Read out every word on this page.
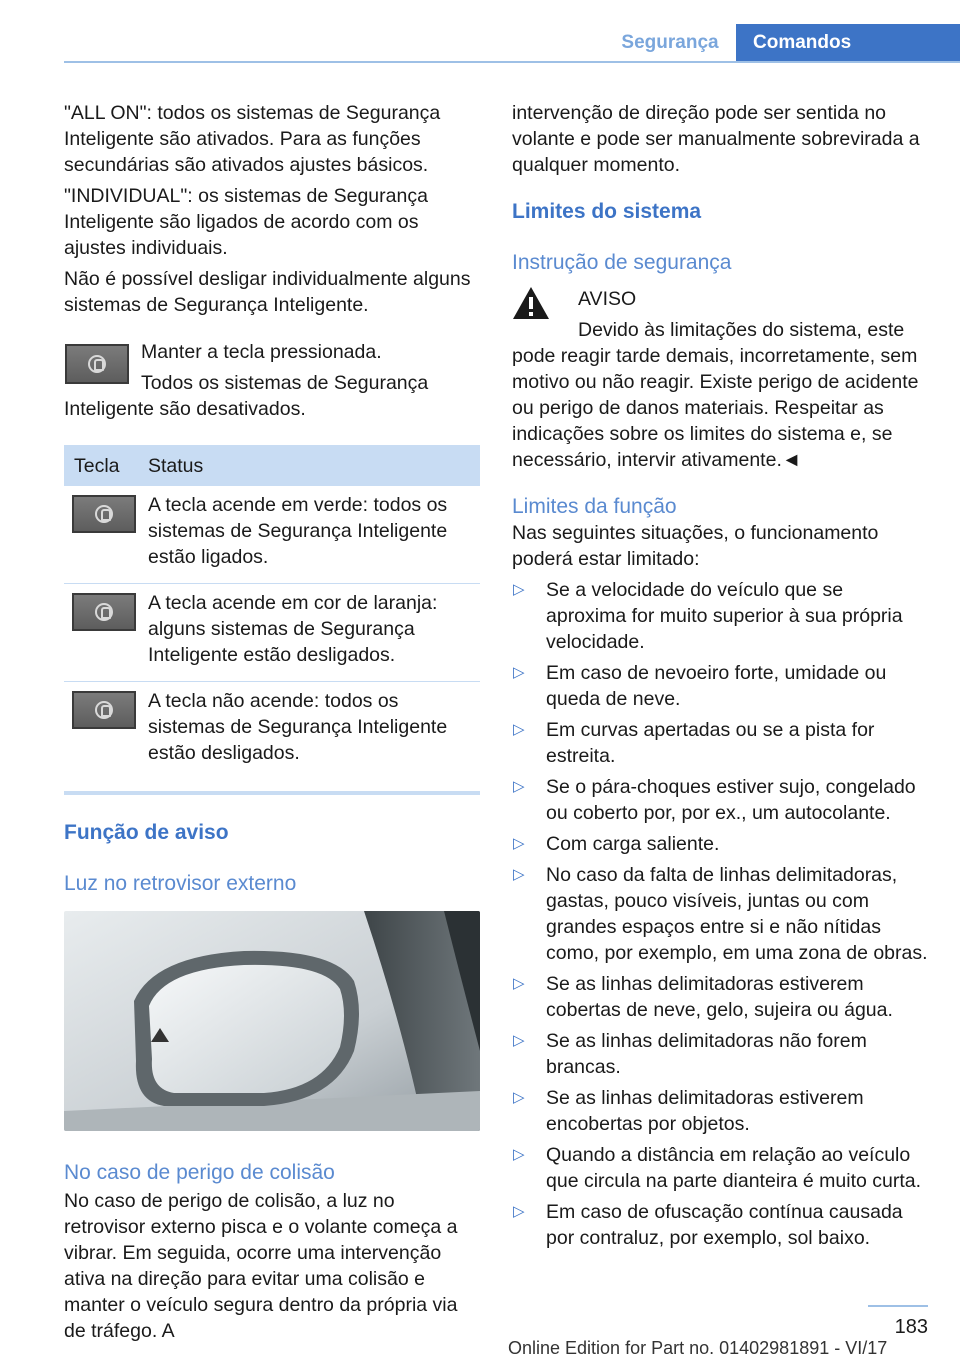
Segurança	Comandos

"ALL ON": todos os sistemas de Segurança Inteligente são ativados. Para as funções secundárias são ativados ajustes básicos.

"INDIVIDUAL": os sistemas de Segurança Inteligente são ligados de acordo com os ajustes individuais.

Não é possível desligar individualmente alguns sistemas de Segurança Inteligente.

Manter a tecla pressionada.

Todos os sistemas de Segurança Inteligente são desativados.

Tecla	Status
A tecla acende em verde: todos os sistemas de Segurança Inteligente estão ligados.
A tecla acende em cor de laranja: alguns sistemas de Segurança Inteligente estão desligados.
A tecla não acende: todos os sistemas de Segurança Inteligente estão desligados.
Função de aviso
Luz no retrovisor externo
No caso de perigo de colisão

No caso de perigo de colisão, a luz no retrovisor externo pisca e o volante começa a vibrar. Em seguida, ocorre uma intervenção ativa na direção para evitar uma colisão e manter o veículo segura dentro da própria via de tráfego. A

intervenção de direção pode ser sentida no volante e pode ser manualmente sobrevirada a qualquer momento.

Limites do sistema
Instrução de segurança

AVISO

Devido às limitações do sistema, este pode reagir tarde demais, incorretamente, sem motivo ou não reagir. Existe perigo de acidente ou perigo de danos materiais. Respeitar as indicações sobre os limites do sistema e, se necessário, intervir ativamente.◄

Limites da função

Nas seguintes situações, o funcionamento poderá estar limitado:

▷	Se a velocidade do veículo que se aproxima for muito superior à sua própria velocidade.
▷	Em caso de nevoeiro forte, umidade ou queda de neve.
▷	Em curvas apertadas ou se a pista for estreita.
▷	Se o pára-choques estiver sujo, congelado ou coberto por, por ex., um autocolante.
▷	Com carga saliente.
▷	No caso da falta de linhas delimitadoras, gastas, pouco visíveis, juntas ou com grandes espaços entre si e não nítidas como, por exemplo, em uma zona de obras.
▷	Se as linhas delimitadoras estiverem cobertas de neve, gelo, sujeira ou água.
▷	Se as linhas delimitadoras não forem brancas.
▷	Se as linhas delimitadoras estiverem encobertas por objetos.
▷	Quando a distância em relação ao veículo que circula na parte dianteira é muito curta.
▷	Em caso de ofuscação contínua causada por contraluz, por exemplo, sol baixo.
183
Online Edition for Part no. 01402981891 - VI/17
